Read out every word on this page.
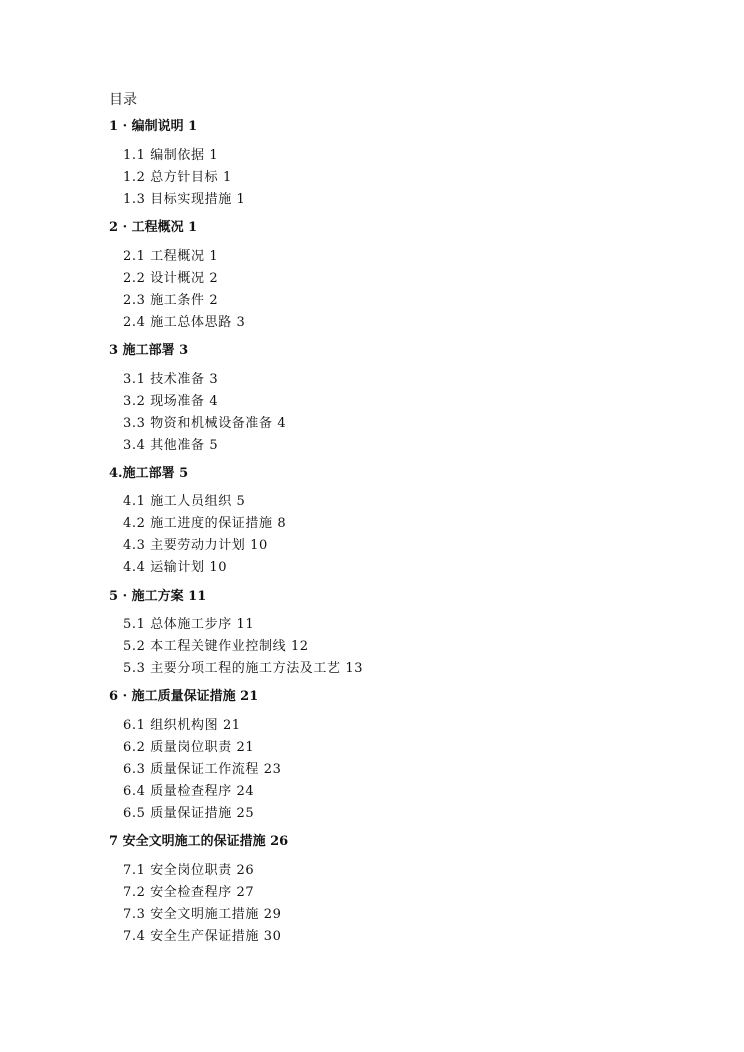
目录
1 · 编制说明 1
1.1 编制依据 1
1.2 总方针目标 1
1.3 目标实现措施 1
2 · 工程概况 1
2.1 工程概况 1
2.2 设计概况 2
2.3 施工条件 2
2.4 施工总体思路 3
3 施工部署 3
3.1 技术准备 3
3.2 现场准备 4
3.3 物资和机械设备准备 4
3.4 其他准备 5
4.施工部署 5
4.1 施工人员组织 5
4.2 施工进度的保证措施 8
4.3 主要劳动力计划 10
4.4 运输计划 10
5 · 施工方案 11
5.1 总体施工步序 11
5.2 本工程关键作业控制线 12
5.3 主要分项工程的施工方法及工艺 13
6 · 施工质量保证措施 21
6.1 组织机构图 21
6.2 质量岗位职责 21
6.3 质量保证工作流程 23
6.4 质量检查程序 24
6.5 质量保证措施 25
7 安全文明施工的保证措施 26
7.1 安全岗位职责 26
7.2 安全检查程序 27
7.3 安全文明施工措施 29
7.4 安全生产保证措施 30
